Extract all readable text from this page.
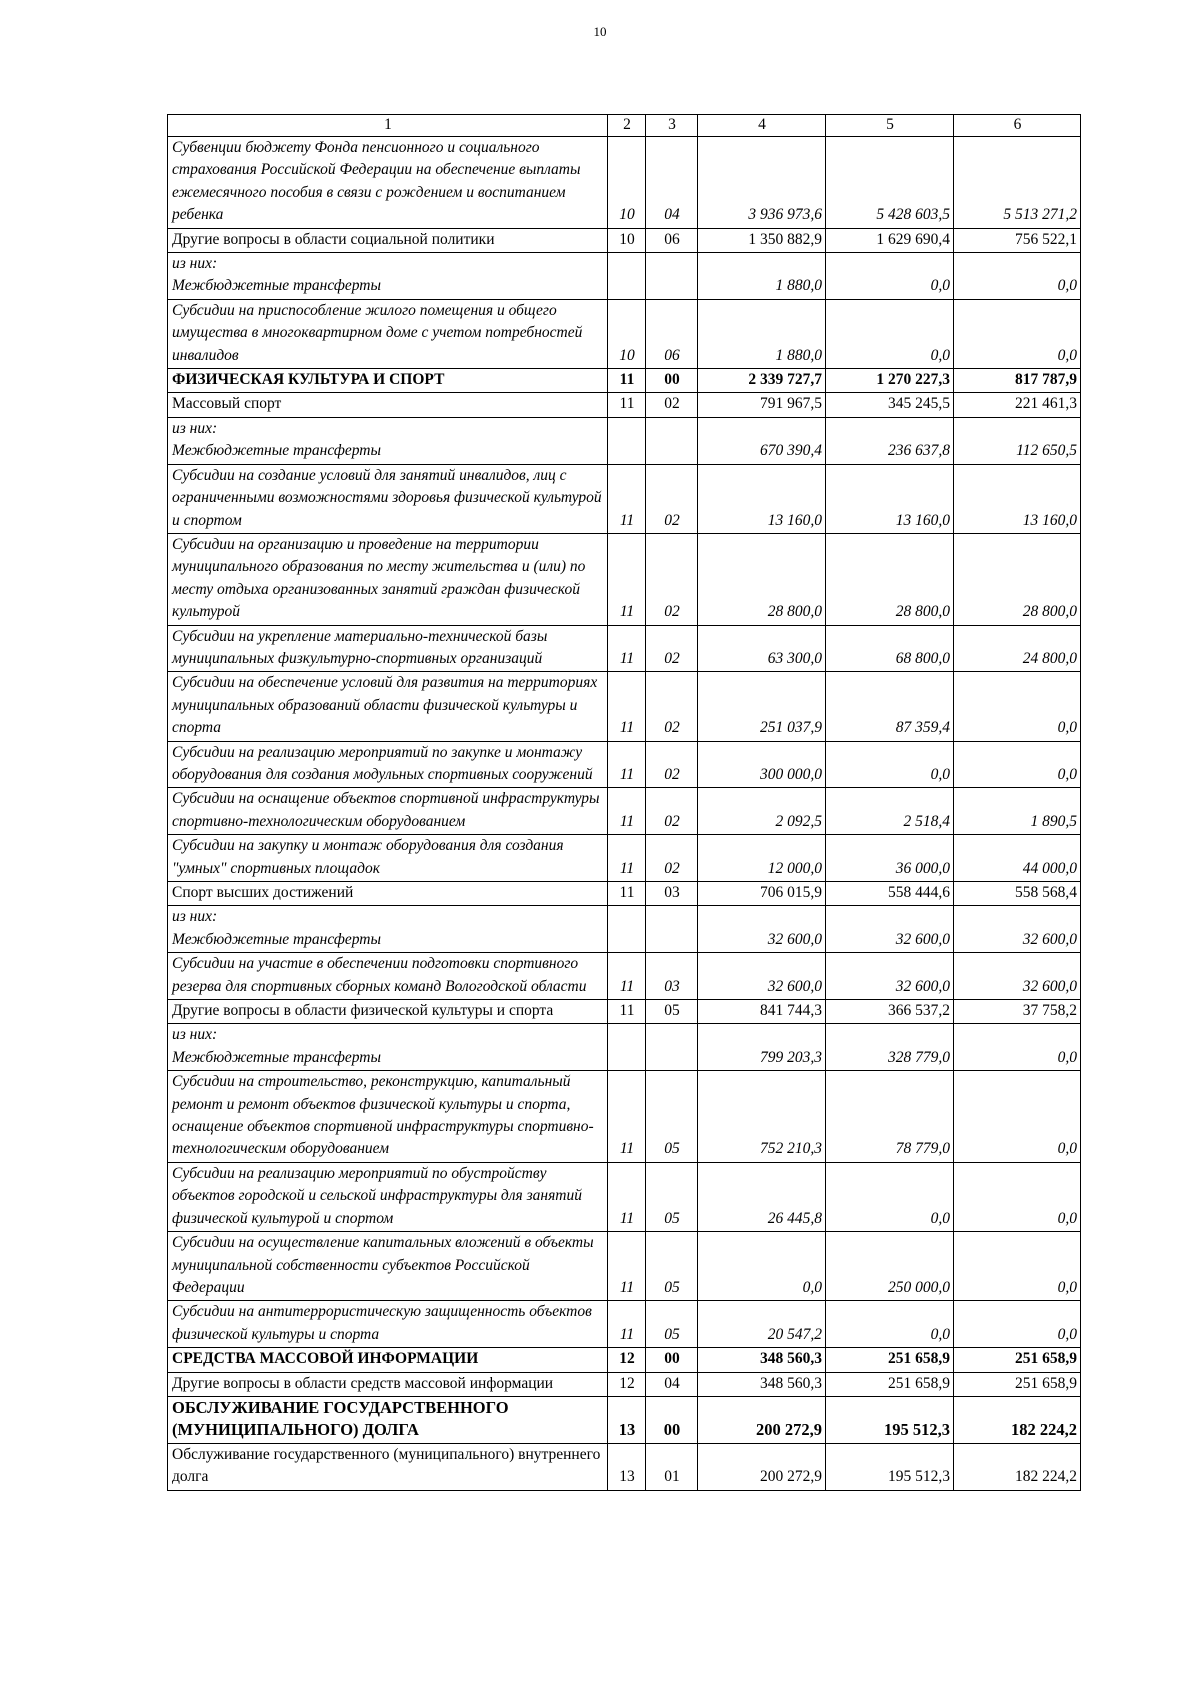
10
1	2	3	4	5	6

Субвенции бюджету Фонда пенсионного и социального страхования Российской Федерации на обеспечение выплаты ежемесячного пособия в связи с рождением и воспитанием ребенка	10	04	3 936 973,6	5 428 603,5	5 513 271,2

Другие вопросы в области социальной политики	10	06	1 350 882,9	1 629 690,4	756 522,1

из них:
Межбюджетные трансферты			1 880,0	0,0	0,0

Субсидии на приспособление жилого помещения и общего имущества в многоквартирном доме с учетом потребностей инвалидов	10	06	1 880,0	0,0	0,0

ФИЗИЧЕСКАЯ КУЛЬТУРА И СПОРТ	11	00	2 339 727,7	1 270 227,3	817 787,9

Массовый спорт	11	02	791 967,5	345 245,5	221 461,3

из них:
Межбюджетные трансферты			670 390,4	236 637,8	112 650,5

Субсидии на создание условий для занятий инвалидов, лиц с ограниченными возможностями здоровья физической культурой и спортом	11	02	13 160,0	13 160,0	13 160,0

Субсидии на организацию и проведение на территории муниципального образования по месту жительства и (или) по месту отдыха организованных занятий граждан физической культурой	11	02	28 800,0	28 800,0	28 800,0

Субсидии на укрепление материально-технической базы муниципальных физкультурно-спортивных организаций	11	02	63 300,0	68 800,0	24 800,0

Субсидии на обеспечение условий для развития на территориях муниципальных образований области физической культуры и спорта	11	02	251 037,9	87 359,4	0,0

Субсидии на реализацию мероприятий по закупке и монтажу оборудования для создания модульных спортивных сооружений	11	02	300 000,0	0,0	0,0

Субсидии на оснащение объектов спортивной инфраструктуры спортивно-технологическим оборудованием	11	02	2 092,5	2 518,4	1 890,5

Субсидии на закупку и монтаж оборудования для создания "умных" спортивных площадок	11	02	12 000,0	36 000,0	44 000,0

Спорт высших достижений	11	03	706 015,9	558 444,6	558 568,4

из них:
Межбюджетные трансферты			32 600,0	32 600,0	32 600,0

Субсидии на участие в обеспечении подготовки спортивного резерва для спортивных сборных команд Вологодской области	11	03	32 600,0	32 600,0	32 600,0

Другие вопросы в области физической культуры и спорта	11	05	841 744,3	366 537,2	37 758,2

из них:
Межбюджетные трансферты			799 203,3	328 779,0	0,0

Субсидии на строительство, реконструкцию, капитальный ремонт и ремонт объектов физической культуры и спорта, оснащение объектов спортивной инфраструктуры спортивно-технологическим оборудованием	11	05	752 210,3	78 779,0	0,0

Субсидии на реализацию мероприятий по обустройству объектов городской и сельской инфраструктуры для занятий физической культурой и спортом	11	05	26 445,8	0,0	0,0

Субсидии на осуществление капитальных вложений в объекты муниципальной собственности субъектов Российской Федерации	11	05	0,0	250 000,0	0,0

Субсидии на антитеррористическую защищенность объектов физической культуры и спорта	11	05	20 547,2	0,0	0,0

СРЕДСТВА МАССОВОЙ ИНФОРМАЦИИ	12	00	348 560,3	251 658,9	251 658,9

Другие вопросы в области средств массовой информации	12	04	348 560,3	251 658,9	251 658,9

ОБСЛУЖИВАНИЕ ГОСУДАРСТВЕННОГО (МУНИЦИПАЛЬНОГО) ДОЛГА	13	00	200 272,9	195 512,3	182 224,2

Обслуживание государственного (муниципального) внутреннего долга	13	01	200 272,9	195 512,3	182 224,2
